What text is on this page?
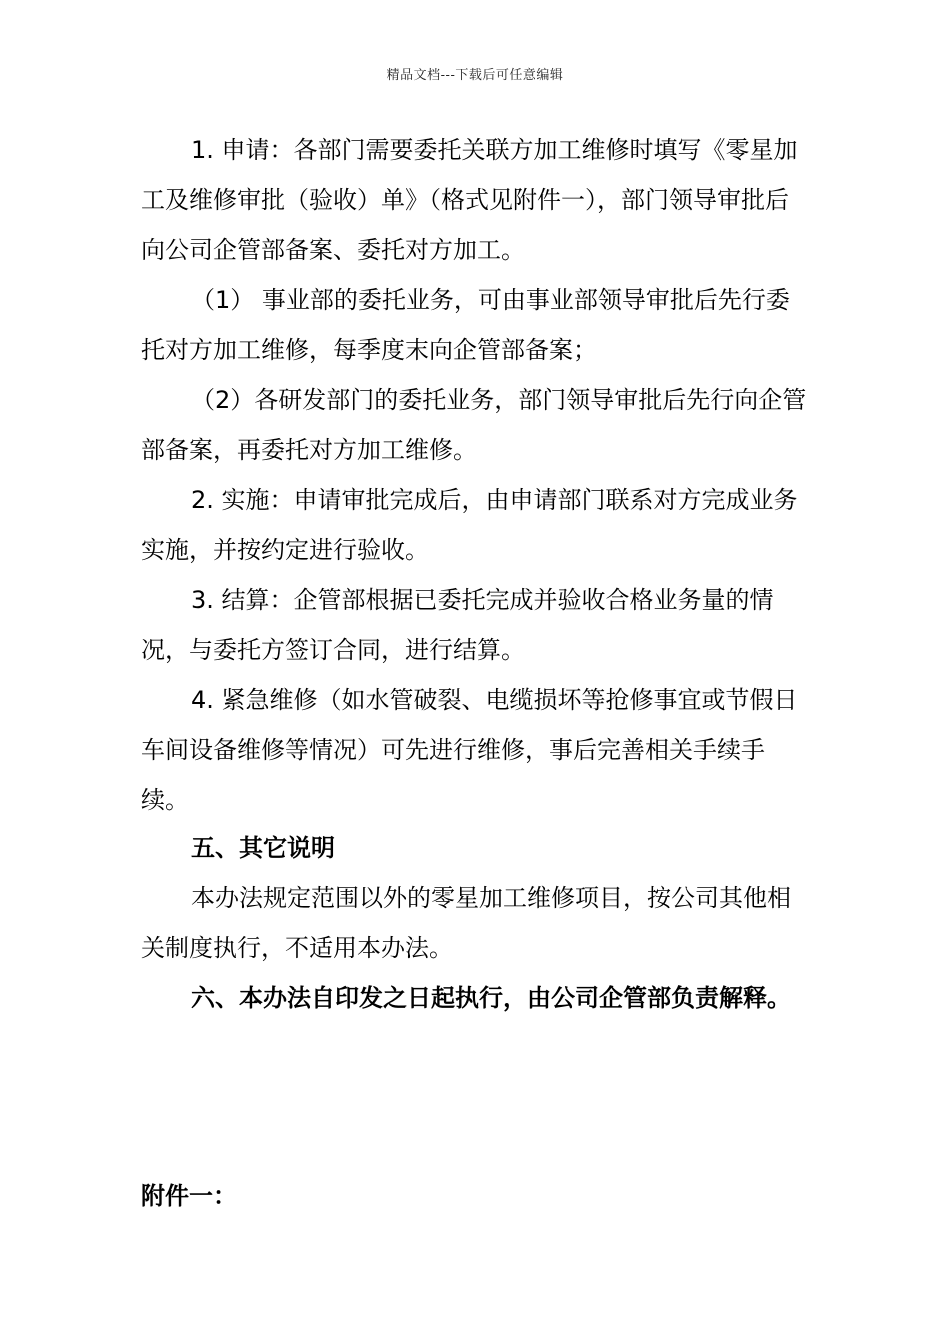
精品文档---下载后可任意编辑

1. 申请：各部门需要委托关联方加工维修时填写《零星加工及维修审批（验收）单》（格式见附件一），部门领导审批后向公司企管部备案、委托对方加工。

（1） 事业部的委托业务，可由事业部领导审批后先行委托对方加工维修，每季度末向企管部备案；

（2）各研发部门的委托业务，部门领导审批后先行向企管部备案，再委托对方加工维修。

2. 实施：申请审批完成后，由申请部门联系对方完成业务实施，并按约定进行验收。

3. 结算：企管部根据已委托完成并验收合格业务量的情况，与委托方签订合同，进行结算。

4. 紧急维修（如水管破裂、电缆损坏等抢修事宜或节假日车间设备维修等情况）可先进行维修，事后完善相关手续手续。

五、其它说明

本办法规定范围以外的零星加工维修项目，按公司其他相关制度执行，不适用本办法。

六、本办法自印发之日起执行，由公司企管部负责解释。

附件一：
